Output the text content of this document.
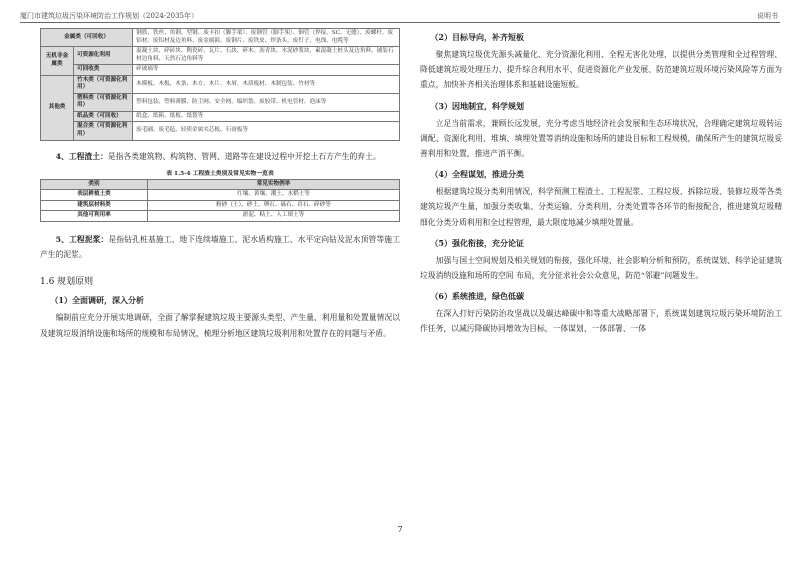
厦门市建筑垃圾污染环境防治工作规划（2024-2035年）	说明书
金属类（可回收）		钢筋、铁丝、角钢、型钢、废卡扣（脚手架）、废钢管（脚手架）、铜管（焊接、SC、无缝）、废螺杆、废铝材、废铝材及边角料、废金属箍、废钢片、废铁皮、焊条头、废钉子、电线、电缆等
无机非金属类	可资源化利用	混凝土块、碎砖块、陶瓷砖、瓦片、石块、碎木、沥青块、水泥砂浆块、素混凝土桩头及边角料、铺装石材边角料、天然石边角料等
	可回收类	碎玻璃等
其他类	竹木类（可资源化利用）	木模板、木板、木条、木方、木片、木屑、木质板材、木制包装、竹材等
	塑料类（可资源化利用）	塑料包装、塑料薄膜、防尘网、安全网、编织袋、废胶带、机电管材、泡沫等
	纸品类（可回收）	纸盒、纸箱、纸板、纸袋等
	混合类（可资源化利用）	废毛刷、废毛毡、轻质金属夹芯板、石膏板等

4、工程渣土：是指各类建筑物、构筑物、管网、道路等在建设过程中开挖土石方产生的弃土。

表 1.5-4 工程渣土类别及常见实物一览表
类别	常见实物例举
表层耕植土类	红壤、黄壤、潮土、水稻土等
建筑层材料类	粉砂（土）、砂土、卵石、砾石、岩石、碎砂等
其他可利用率	淤泥、粘土、人工填土等

5、工程泥浆：是指钻孔桩基施工、地下连续墙施工、泥水盾构施工、水平定向钻及泥水顶管等施工产生的泥浆。

1.6 规划原则
（1）全面调研，深入分析

编制前应充分开展实地调研，全面了解掌握建筑垃圾主要源头类型、产生量、利用量和处置量情况以及建筑垃圾消纳设施和场所的规模和布局情况，梳理分析地区建筑垃圾利用和处置存在的问题与矛盾。

（2）目标导向，补齐短板

聚焦建筑垃圾优先源头减量化、充分资源化利用、全程无害化处理，以提供分类管理和全过程管理、降低建筑垃圾处理压力、提升综合利用水平、促进资源化产业发展、防范建筑垃圾环境污染风险等方面为重点，加快补齐相关治理体系和基础设施短板。

（3）因地制宜，科学规划

立足当前需求，兼顾长远发展，充分考虑当地经济社会发展和生态环境状况，合理确定建筑垃圾转运调配、资源化利用、堆填、填埋处置等消纳设施和场所的建设目标和工程规模，确保所产生的建筑垃圾妥善利用和处置，推进产消平衡。

（4）全程谋划，推进分类

根据建筑垃圾分类利用情况，科学预测工程渣土、工程泥浆、工程垃圾、拆除垃圾、装修垃圾等各类建筑垃圾产生量，加强分类收集、分类运输、分类利用、分类处置等各环节的衔接配合，推进建筑垃圾精细化分类分质利用和全过程管理，最大限度地减少填埋处置量。

（5）强化衔接，充分论证

加强与国土空间规划及相关规划的衔接，强化环境、社会影响分析和预防，系统谋划、科学论证建筑垃圾消纳设施和场所的空间 布局，充分征求社会公众意见，防范“邻避”问题发生。

（6）系统推进，绿色低碳

在深入打好污染防治攻坚战以及碳达峰碳中和等重大战略部署下，系统谋划建筑垃圾污染环境防治工作任务，以减污降碳协同增效为目标，一体谋划、一体部署、一体

7
